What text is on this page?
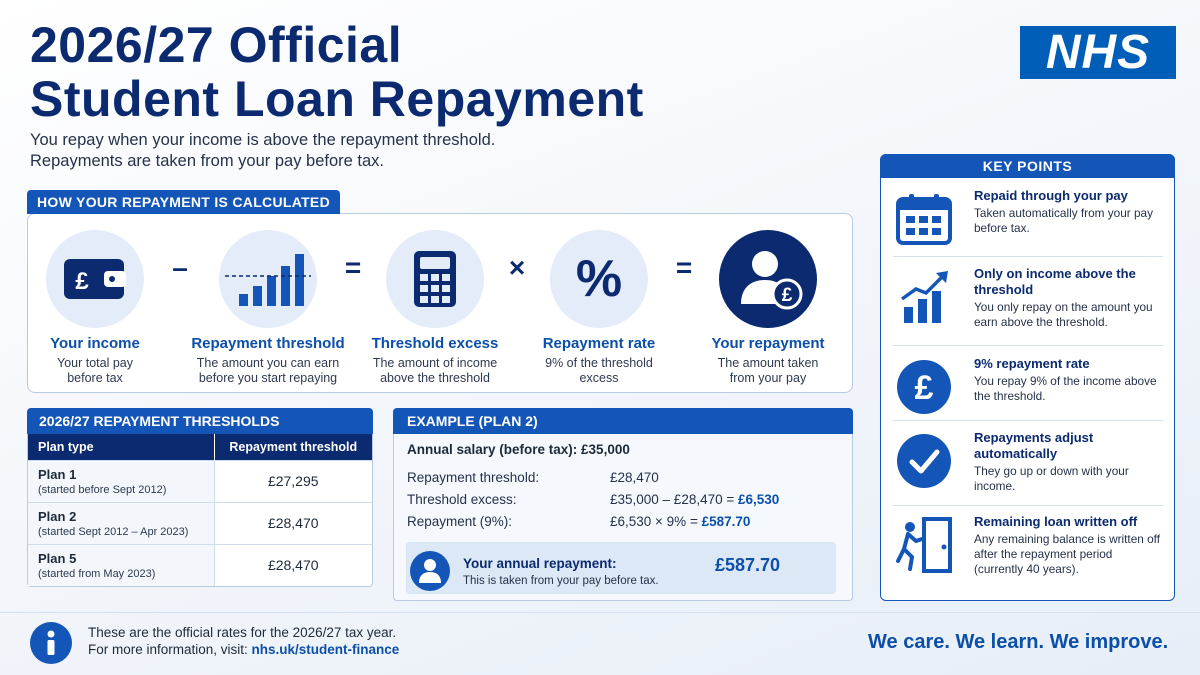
2026/27 Official
Student Loan Repayment
You repay when your income is above the repayment threshold.
Repayments are taken from your pay before tax.
NHS
HOW YOUR REPAYMENT IS CALCULATED
£
Your income
Your total pay
before tax
–
Repayment threshold
The amount you can earn
before you start repaying
=
Threshold excess
The amount of income
above the threshold
× %
Repayment rate
9% of the threshold
excess
=
£
Your repayment
The amount taken
from your pay
2026/27 REPAYMENT THRESHOLDS
Plan type	Repayment threshold

Plan 1
(started before Sept 2012)	£27,295

Plan 2
(started Sept 2012 – Apr 2023)	£28,470

Plan 5
(started from May 2023)	£28,470
EXAMPLE (PLAN 2)
Annual salary (before tax): £35,000
Repayment threshold:	£28,470
Threshold excess:	£35,000 – £28,470 = £6,530
Repayment (9%):	£6,530 × 9% = £587.70
Your annual repayment:
This is taken from your pay before tax.
£587.70
KEY POINTS
Repaid through your pay
Taken automatically from your pay before tax.
Only on income above the threshold
You only repay on the amount you earn above the threshold.
£
9% repayment rate
You repay 9% of the income above the threshold.
Repayments adjust automatically
They go up or down with your income.
Remaining loan written off
Any remaining balance is written off after the repayment period (currently 40 years).
These are the official rates for the 2026/27 tax year.
For more information, visit: nhs.uk/student-finance	We care. We learn. We improve.
